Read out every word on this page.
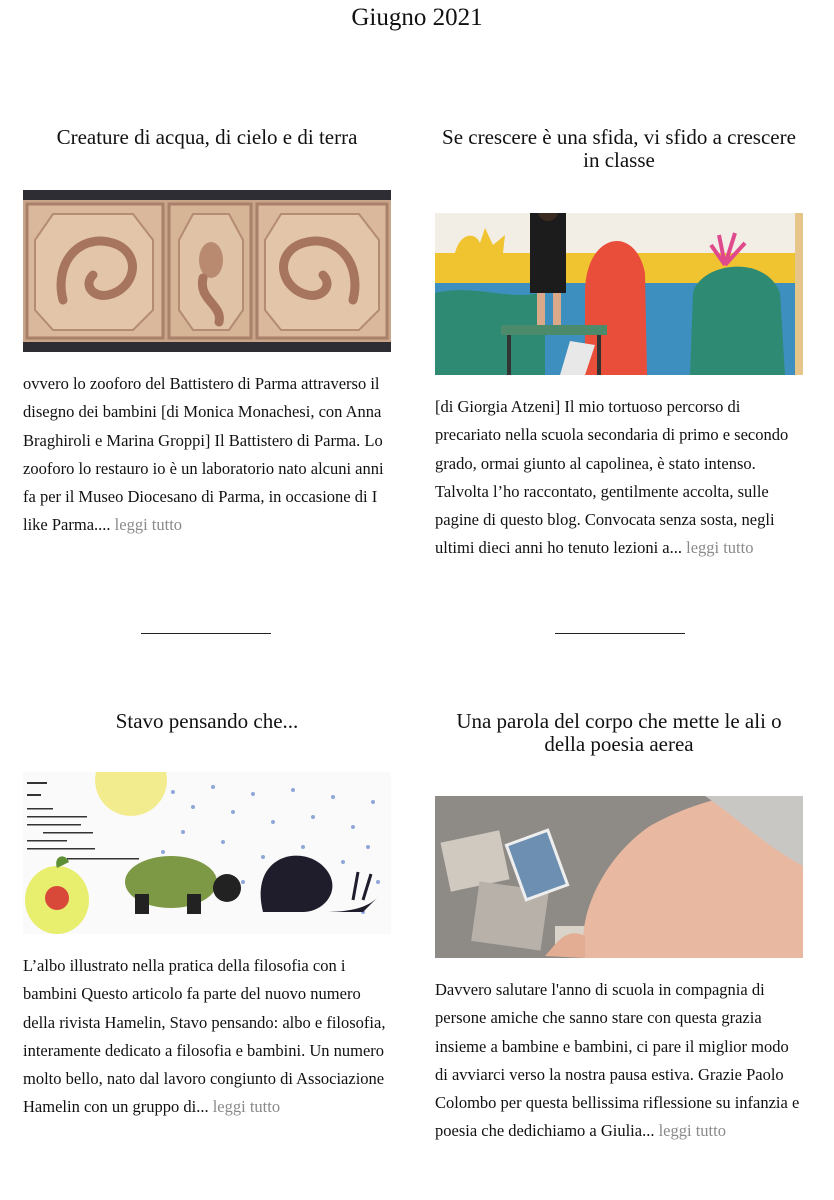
Giugno 2021
Creature di acqua, di cielo e di terra

ovvero lo zooforo del Battistero di Parma attraverso il disegno dei bambini [di Monica Monachesi, con Anna Braghiroli e Marina Groppi] Il Battistero di Parma. Lo zooforo lo restauro io è un laboratorio nato alcuni anni fa per il Museo Diocesano di Parma, in occasione di I like Parma.... leggi tutto

Se crescere è una sfida, vi sfido a crescere in classe

[di Giorgia Atzeni] Il mio tortuoso percorso di precariato nella scuola secondaria di primo e secondo grado, ormai giunto al capolinea, è stato intenso. Talvolta l’ho raccontato, gentilmente accolta, sulle pagine di questo blog. Convocata senza sosta, negli ultimi dieci anni ho tenuto lezioni a... leggi tutto

Stavo pensando che...

L’albo illustrato nella pratica della filosofia con i bambini Questo articolo fa parte del nuovo numero della rivista Hamelin, Stavo pensando: albo e filosofia, interamente dedicato a filosofia e bambini. Un numero molto bello, nato dal lavoro congiunto di Associazione Hamelin con un gruppo di... leggi tutto

Una parola del corpo che mette le ali o della poesia aerea

Davvero salutare l'anno di scuola in compagnia di persone amiche che sanno stare con questa grazia insieme a bambine e bambini, ci pare il miglior modo di avviarci verso la nostra pausa estiva. Grazie Paolo Colombo per questa bellissima riflessione su infanzia e poesia che dedichiamo a Giulia... leggi tutto
